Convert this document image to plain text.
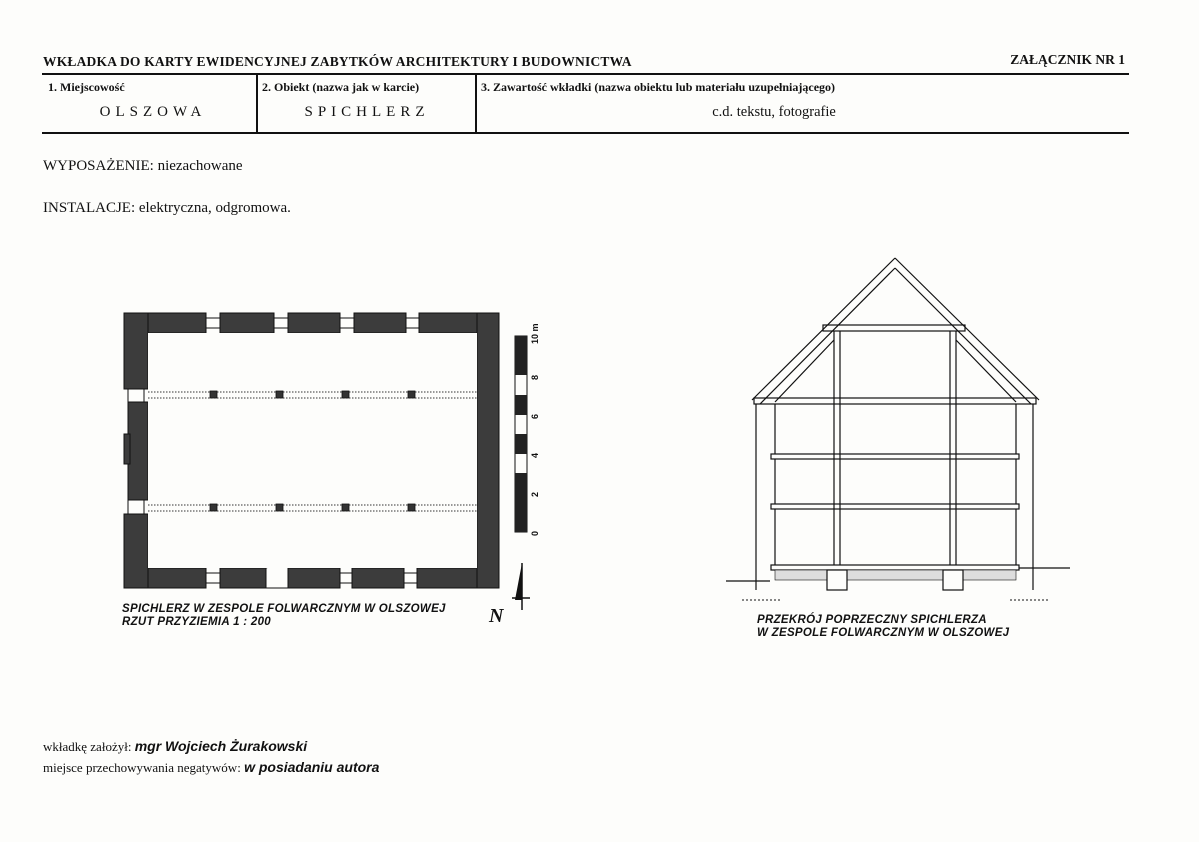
WKŁADKA DO KARTY EWIDENCYJNEJ ZABYTKÓW ARCHITEKTURY I BUDOWNICTWA	ZAŁĄCZNIK NR 1
1. Miejscowość
OLSZOWA
2. Obiekt (nazwa jak w karcie)
SPICHLERZ
3. Zawartość wkładki (nazwa obiektu lub materiału uzupełniającego)
c.d. tekstu, fotografie
WYPOSAŻENIE: niezachowane
INSTALACJE: elektryczna, odgromowa.
0
2
4
6
8
10 m
N
SPICHLERZ W ZESPOLE FOLWARCZNYM W OLSZOWEJ
RZUT PRZYZIEMIA 1 : 200	PRZEKRÓJ POPRZECZNY SPICHLERZA
W ZESPOLE FOLWARCZNYM W OLSZOWEJ
wkładkę założył: mgr Wojciech Żurakowski
miejsce przechowywania negatywów: w posiadaniu autora
